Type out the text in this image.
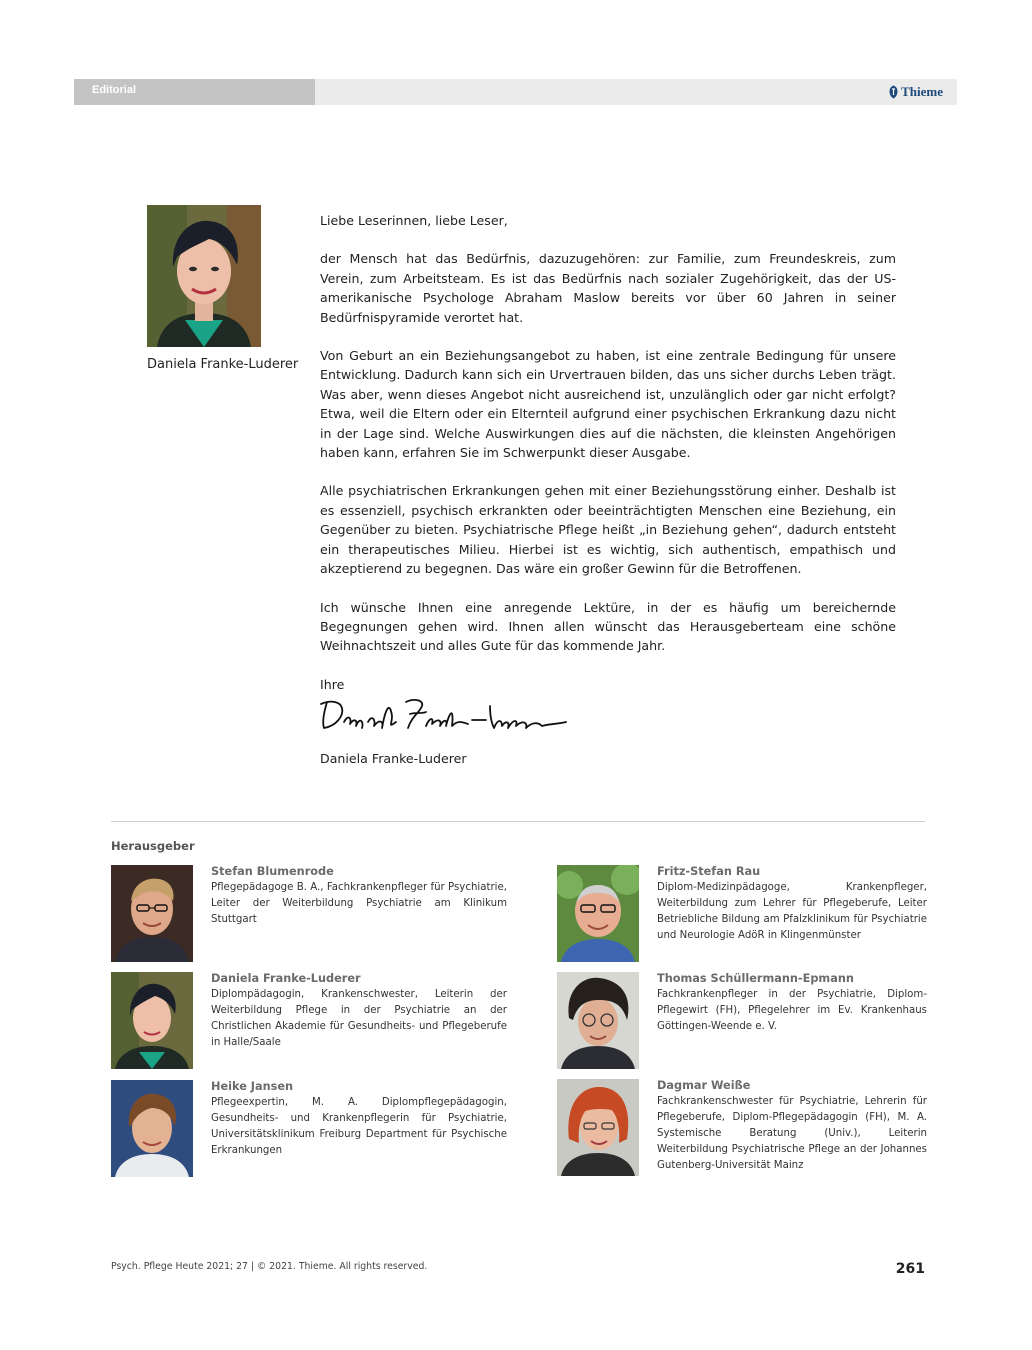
Editorial	Thieme
Daniela Franke-Luderer

Liebe Leserinnen, liebe Leser,

der Mensch hat das Bedürfnis, dazuzugehören: zur Familie, zum Freundeskreis, zum Verein, zum Arbeitsteam. Es ist das Bedürfnis nach sozialer Zugehörigkeit, das der US-amerikanische Psychologe Abraham Maslow bereits vor über 60 Jahren in seiner Bedürfnispyramide verortet hat.

Von Geburt an ein Beziehungsangebot zu haben, ist eine zentrale Bedingung für unsere Entwicklung. Dadurch kann sich ein Urvertrauen bilden, das uns sicher durchs Leben trägt. Was aber, wenn dieses Angebot nicht ausreichend ist, unzulänglich oder gar nicht erfolgt? Etwa, weil die Eltern oder ein Elternteil aufgrund einer psychischen Erkrankung dazu nicht in der Lage sind. Welche Auswirkungen dies auf die nächsten, die kleinsten Angehörigen haben kann, erfahren Sie im Schwerpunkt dieser Ausgabe.

Alle psychiatrischen Erkrankungen gehen mit einer Beziehungsstörung einher. Deshalb ist es essenziell, psychisch erkrankten oder beeinträchtigten Menschen eine Beziehung, ein Gegenüber zu bieten. Psychiatrische Pflege heißt „in Beziehung gehen“, dadurch entsteht ein therapeutisches Milieu. Hierbei ist es wichtig, sich authentisch, empathisch und akzeptierend zu begegnen. Das wäre ein großer Gewinn für die Betroffenen.

Ich wünsche Ihnen eine anregende Lektüre, in der es häufig um bereichernde Begegnungen gehen wird. Ihnen allen wünscht das Herausgeberteam eine schöne Weihnachtszeit und alles Gute für das kommende Jahr.

Ihre

Daniela Franke-Luderer
Daniela Franke-Luderer
Herausgeber
Stefan Blumenrode
Pflegepädagoge B. A., Fachkrankenpfleger für Psychiatrie, Leiter der Weiterbildung Psychiatrie am Klinikum Stuttgart
Daniela Franke-Luderer
Diplompädagogin, Krankenschwester, Leiterin der Weiterbildung Pflege in der Psychiatrie an der Christlichen Akademie für Gesundheits- und Pflegeberufe in Halle/Saale
Heike Jansen
Pflegeexpertin, M. A. Diplompflegepädagogin, Gesundheits- und Krankenpflegerin für Psychiatrie, Universitätsklinikum Freiburg Department für Psychische Erkrankungen
Fritz-Stefan Rau
Diplom-Medizinpädagoge, Krankenpfleger, Weiterbildung zum Lehrer für Pflegeberufe, Leiter Betriebliche Bildung am Pfalzklinikum für Psychiatrie und Neurologie AdöR in Klingenmünster
Thomas Schüllermann-Epmann
Fachkrankenpfleger in der Psychiatrie, Diplom-Pflegewirt (FH), Pflegelehrer im Ev. Krankenhaus Göttingen-Weende e. V.
Dagmar Weiße
Fachkrankenschwester für Psychiatrie, Lehrerin für Pflegeberufe, Diplom-Pflegepädagogin (FH), M. A. Systemische Beratung (Univ.), Leiterin Weiterbildung Psychiatrische Pflege an der Johannes Gutenberg-Universität Mainz
Psych. Pflege Heute 2021; 27 | © 2021. Thieme. All rights reserved.	261
